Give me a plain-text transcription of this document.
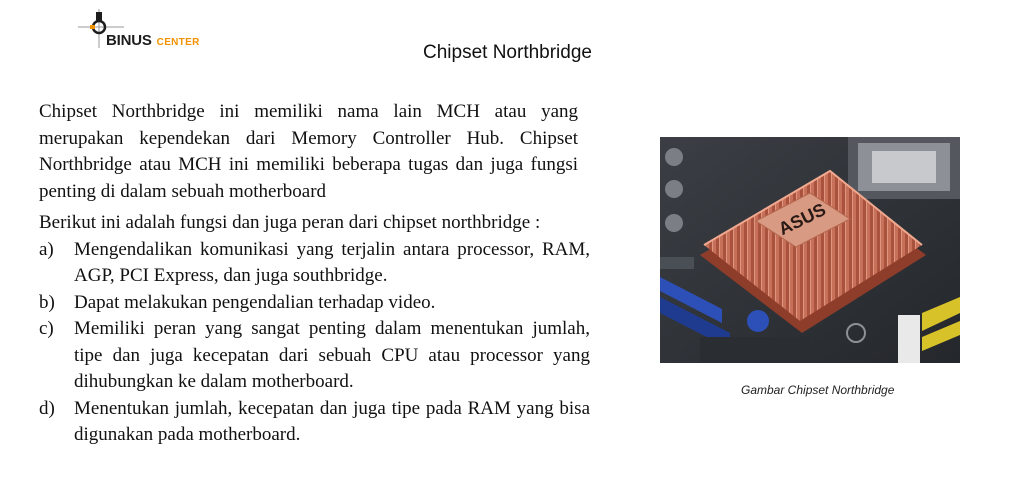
BINUS CENTER	Chipset Northbridge

Chipset Northbridge ini memiliki nama lain MCH atau yang merupakan kependekan dari Memory Controller Hub. Chipset Northbridge atau MCH ini memiliki beberapa tugas dan juga fungsi penting di dalam sebuah motherboard

Berikut ini adalah fungsi dan juga peran dari chipset northbridge :

a) Mengendalikan komunikasi yang terjalin antara processor, RAM, AGP, PCI Express, dan juga southbridge.
b) Dapat melakukan pengendalian terhadap video.
c) Memiliki peran yang sangat penting dalam menentukan jumlah, tipe dan juga kecepatan dari sebuah CPU atau processor yang dihubungkan ke dalam motherboard.
d) Menentukan jumlah, kecepatan dan juga tipe pada RAM yang bisa digunakan pada motherboard.
ASUS
Gambar Chipset Northbridge
